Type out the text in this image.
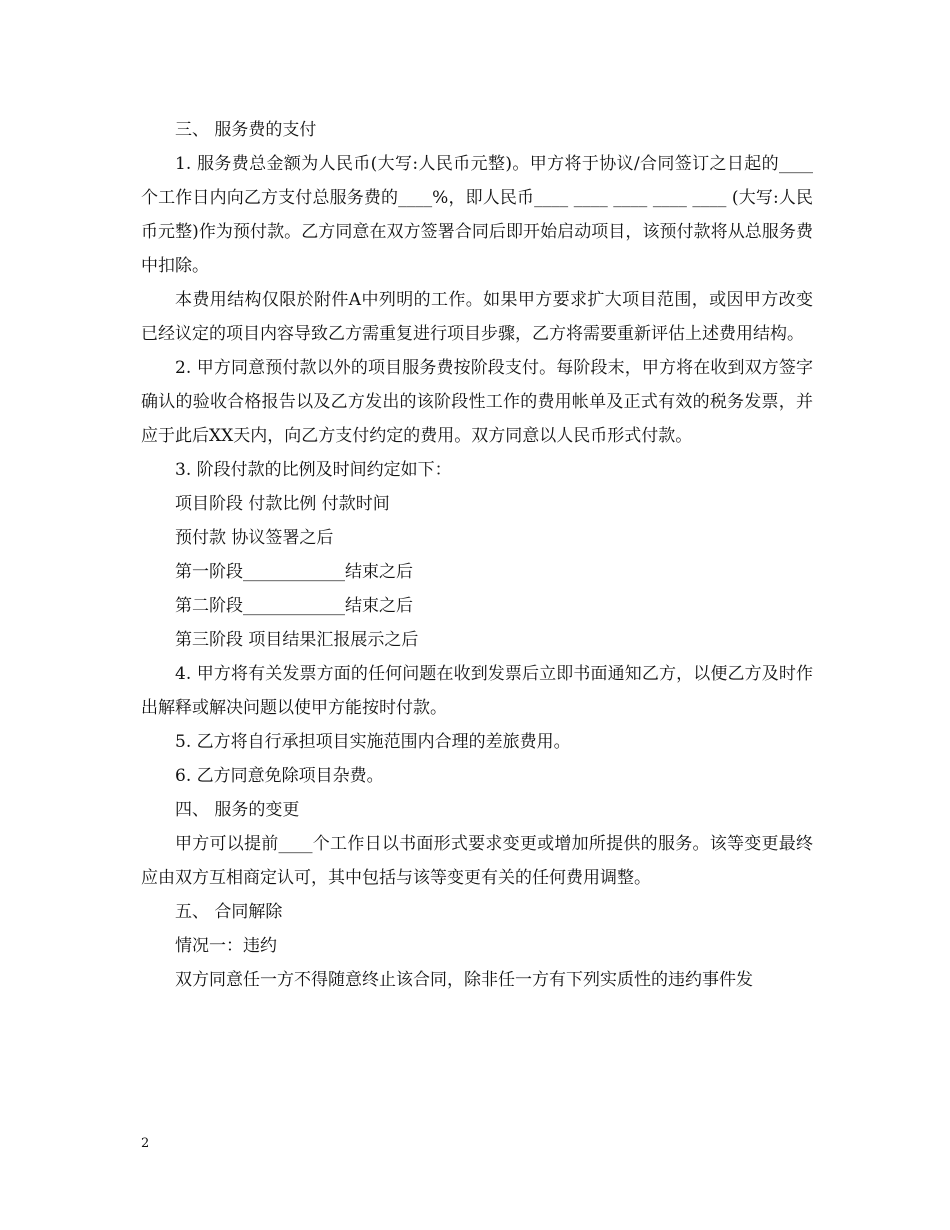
三、 服务费的支付

1. 服务费总金额为人民币(大写:人民币元整)。甲方将于协议/合同签订之日起的____个工作日内向乙方支付总服务费的____%，即人民币____ ____ ____ ____ ____ (大写:人民币元整)作为预付款。乙方同意在双方签署合同后即开始启动项目，该预付款将从总服务费中扣除。

本费用结构仅限於附件A中列明的工作。如果甲方要求扩大项目范围，或因甲方改变已经议定的项目内容导致乙方需重复进行项目步骤，乙方将需要重新评估上述费用结构。

2. 甲方同意预付款以外的项目服务费按阶段支付。每阶段末，甲方将在收到双方签字确认的验收合格报告以及乙方发出的该阶段性工作的费用帐单及正式有效的税务发票，并应于此后XX天内，向乙方支付约定的费用。双方同意以人民币形式付款。

3. 阶段付款的比例及时间约定如下：

项目阶段 付款比例 付款时间

预付款 协议签署之后

第一阶段____________结束之后

第二阶段____________结束之后

第三阶段 项目结果汇报展示之后

4. 甲方将有关发票方面的任何问题在收到发票后立即书面通知乙方，以便乙方及时作出解释或解决问题以使甲方能按时付款。

5. 乙方将自行承担项目实施范围内合理的差旅费用。

6. 乙方同意免除项目杂费。

四、 服务的变更

甲方可以提前____个工作日以书面形式要求变更或增加所提供的服务。该等变更最终应由双方互相商定认可，其中包括与该等变更有关的任何费用调整。

五、 合同解除

情况一：违约

双方同意任一方不得随意终止该合同，除非任一方有下列实质性的违约事件发

2
